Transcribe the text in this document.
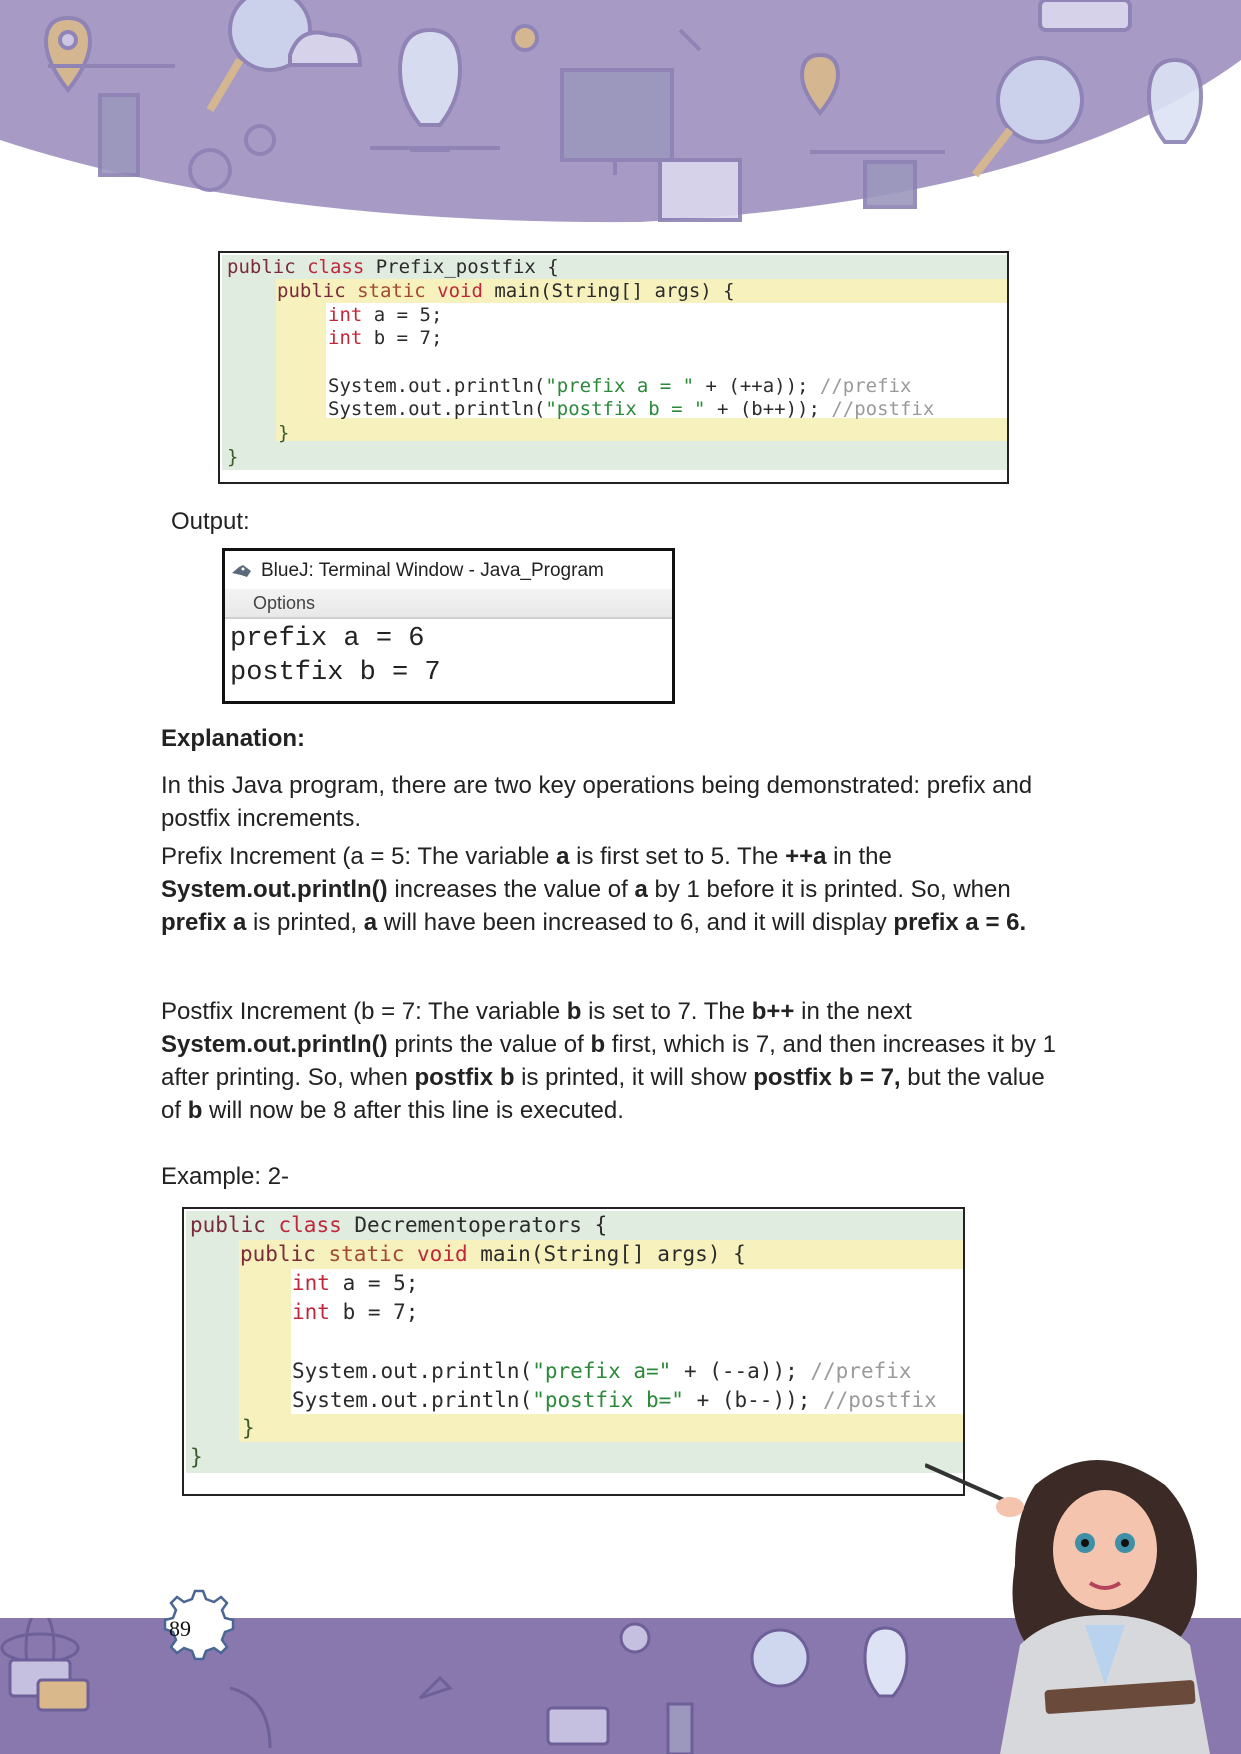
public class Prefix_postfix {
public static void main(String[] args) {
int a = 5;
int b = 7;
System.out.println("prefix a = " + (++a)); //prefix
System.out.println("postfix b = " + (b++)); //postfix
}
}
Output:
BlueJ: Terminal Window - Java_Program
Options
prefix a = 6
postfix b = 7
Explanation:
In this Java program, there are two key operations being demonstrated: prefix and postfix increments.
Prefix Increment (a = 5: The variable a is first set to 5. The ++a in the System.out.println() increases the value of a by 1 before it is printed. So, when prefix a is printed, a will have been increased to 6, and it will display prefix a = 6.
Postfix Increment (b = 7: The variable b is set to 7. The b++ in the next System.out.println() prints the value of b first, which is 7, and then increases it by 1 after printing. So, when postfix b is printed, it will show postfix b = 7, but the value of b will now be 8 after this line is executed.
Example: 2-
public class Decrementoperators {
public static void main(String[] args) {
int a = 5;
int b = 7;
System.out.println("prefix a=" + (--a)); //prefix
System.out.println("postfix b=" + (b--)); //postfix
}
}
89
